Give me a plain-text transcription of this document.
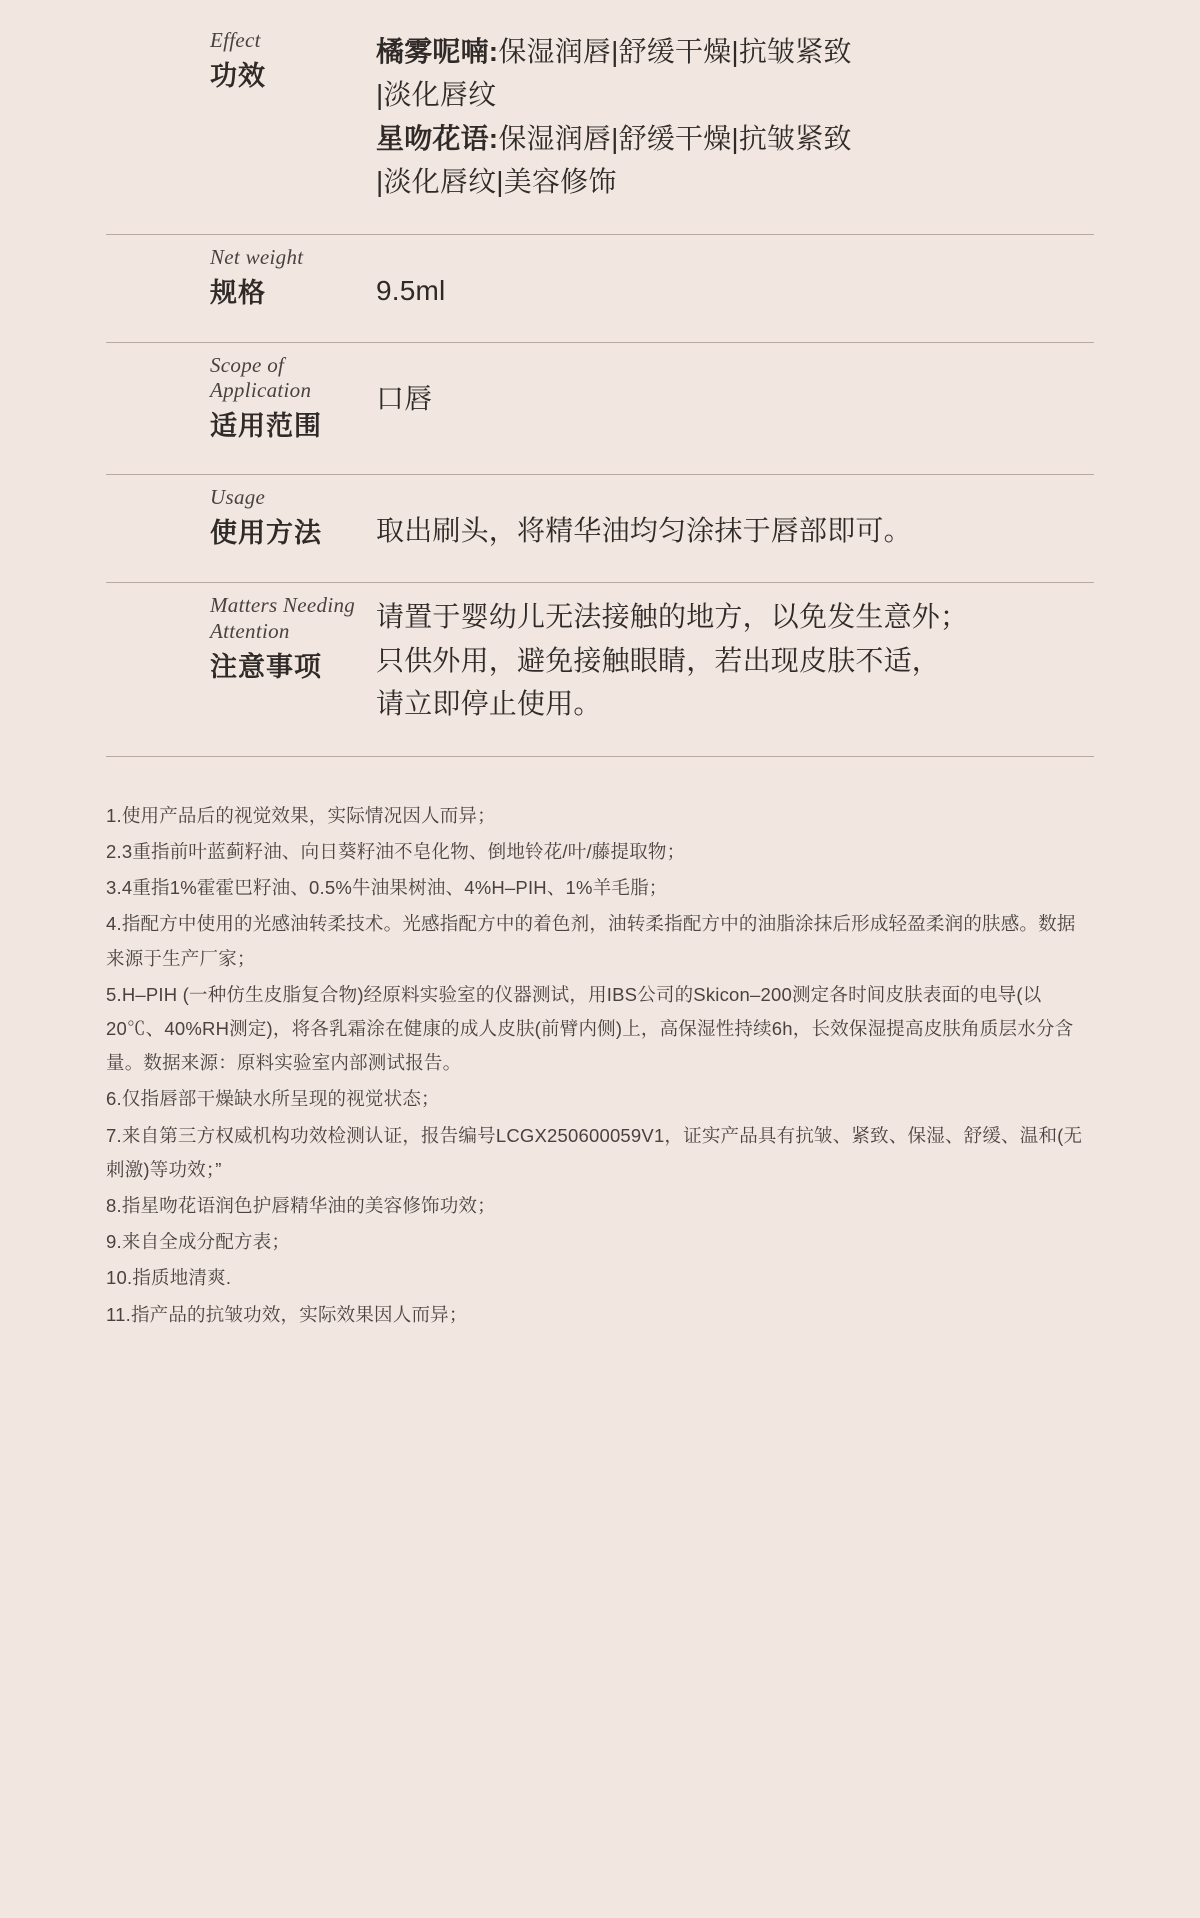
Effect
功效
橘雾呢喃:保湿润唇|舒缓干燥|抗皱紧致
|淡化唇纹
星吻花语:保湿润唇|舒缓干燥|抗皱紧致
|淡化唇纹|美容修饰
Net weight
规格	9.5ml
Scope of Application
适用范围
口唇
Usage
使用方法	取出刷头，将精华油均匀涂抹于唇部即可。
Matters Needing Attention
注意事项
请置于婴幼儿无法接触的地方，以免发生意外；
只供外用，避免接触眼睛，若出现皮肤不适，
请立即停止使用。

1.使用产品后的视觉效果，实际情况因人而异；

2.3重指前叶蓝蓟籽油、向日葵籽油不皂化物、倒地铃花/叶/藤提取物；

3.4重指1%霍霍巴籽油、0.5%牛油果树油、4%H–PIH、1%羊毛脂；

4.指配方中使用的光感油转柔技术。光感指配方中的着色剂，油转柔指配方中的油脂涂抹后形成轻盈柔润的肤感。数据来源于生产厂家；

5.H–PIH (一种仿生皮脂复合物)经原料实验室的仪器测试，用IBS公司的Skicon–200测定各时间皮肤表面的电导(以20℃、40%RH测定)，将各乳霜涂在健康的成人皮肤(前臂内侧)上，高保湿性持续6h，长效保湿提高皮肤角质层水分含量。数据来源：原料实验室内部测试报告。

6.仅指唇部干燥缺水所呈现的视觉状态；

7.来自第三方权威机构功效检测认证，报告编号LCGX250600059V1，证实产品具有抗皱、紧致、保湿、舒缓、温和(无刺激)等功效；”

8.指星吻花语润色护唇精华油的美容修饰功效；

9.来自全成分配方表；

10.指质地清爽.

11.指产品的抗皱功效，实际效果因人而异；
